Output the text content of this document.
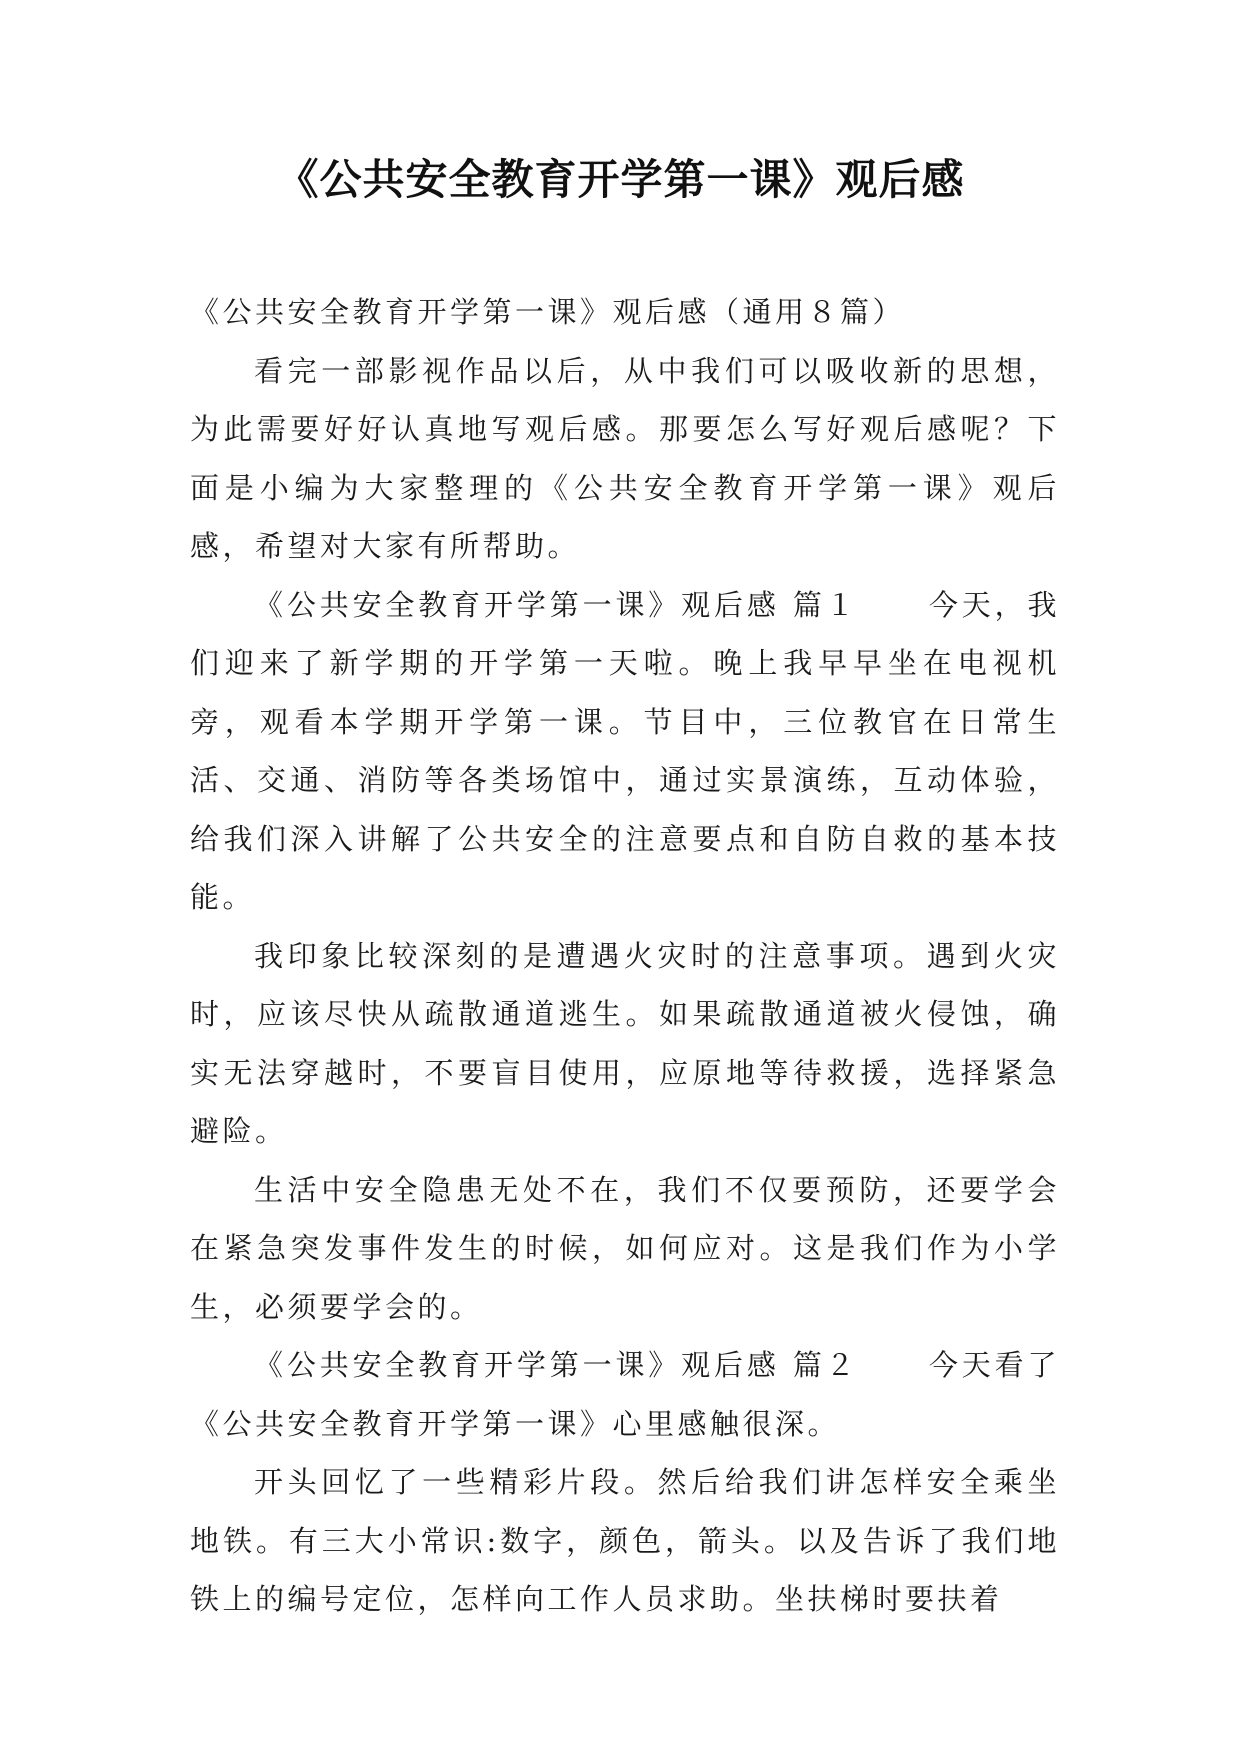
《公共安全教育开学第一课》观后感

《公共安全教育开学第一课》观后感（通用８篇）

看完一部影视作品以后，从中我们可以吸收新的思想，为此需要好好认真地写观后感。那要怎么写好观后感呢？下面是小编为大家整理的《公共安全教育开学第一课》观后感，希望对大家有所帮助。

《公共安全教育开学第一课》观后感 篇１ 今天，我们迎来了新学期的开学第一天啦。晚上我早早坐在电视机旁，观看本学期开学第一课。节目中，三位教官在日常生活、交通、消防等各类场馆中，通过实景演练，互动体验，给我们深入讲解了公共安全的注意要点和自防自救的基本技能。

我印象比较深刻的是遭遇火灾时的注意事项。遇到火灾时，应该尽快从疏散通道逃生。如果疏散通道被火侵蚀，确实无法穿越时，不要盲目使用，应原地等待救援，选择紧急避险。

生活中安全隐患无处不在，我们不仅要预防，还要学会在紧急突发事件发生的时候，如何应对。这是我们作为小学生，必须要学会的。

《公共安全教育开学第一课》观后感 篇２ 今天看了《公共安全教育开学第一课》心里感触很深。

开头回忆了一些精彩片段。然后给我们讲怎样安全乘坐地铁。有三大小常识:数字，颜色，箭头。以及告诉了我们地铁上的编号定位，怎样向工作人员求助。坐扶梯时要扶着
